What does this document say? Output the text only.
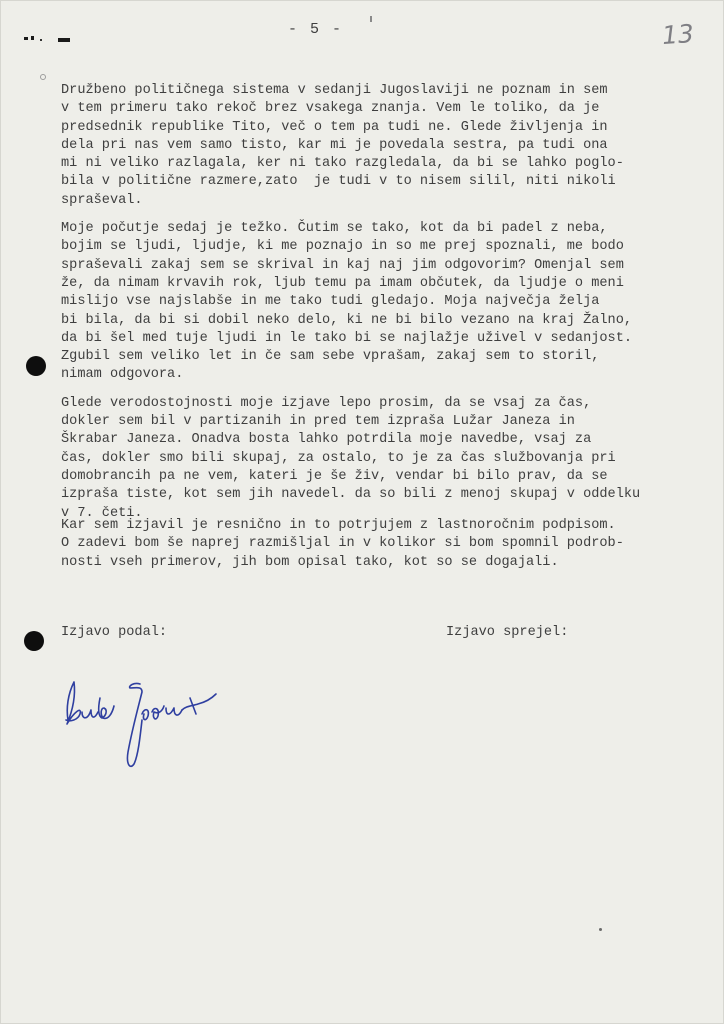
- 5 -	13

Družbeno političnega sistema v sedanji Jugoslaviji ne poznam in sem
v tem primeru tako rekoč brez vsakega znanja. Vem le toliko, da je
predsednik republike Tito, več o tem pa tudi ne. Glede življenja in
dela pri nas vem samo tisto, kar mi je povedala sestra, pa tudi ona
mi ni veliko razlagala, ker ni tako razgledala, da bi se lahko poglo-
bila v politične razmere,zato  je tudi v to nisem silil, niti nikoli
spraševal.

Moje počutje sedaj je težko. Čutim se tako, kot da bi padel z neba,
bojim se ljudi, ljudje, ki me poznajo in so me prej spoznali, me bodo
spraševali zakaj sem se skrival in kaj naj jim odgovorim? Omenjal sem
že, da nimam krvavih rok, ljub temu pa imam občutek, da ljudje o meni
mislijo vse najslabše in me tako tudi gledajo. Moja največja želja
bi bila, da bi si dobil neko delo, ki ne bi bilo vezano na kraj Žalno,
da bi šel med tuje ljudi in le tako bi se najlažje uživel v sedanjost.
Zgubil sem veliko let in če sam sebe vprašam, zakaj sem to storil,
nimam odgovora.

Glede verodostojnosti moje izjave lepo prosim, da se vsaj za čas,
dokler sem bil v partizanih in pred tem izpraša Lužar Janeza in
Škrabar Janeza. Onadva bosta lahko potrdila moje navedbe, vsaj za
čas, dokler smo bili skupaj, za ostalo, to je za čas službovanja pri
domobrancih pa ne vem, kateri je še živ, vendar bi bilo prav, da se
izpraša tiste, kot sem jih navedel. da so bili z menoj skupaj v oddelku
v 7. četi.

Kar sem izjavil je resnično in to potrjujem z lastnoročnim podpisom.
O zadevi bom še naprej razmišljal in v kolikor si bom spomnil podrob-
nosti vseh primerov, jih bom opisal tako, kot so se dogajali.
Izjavo podal:	Izjavo sprejel:
